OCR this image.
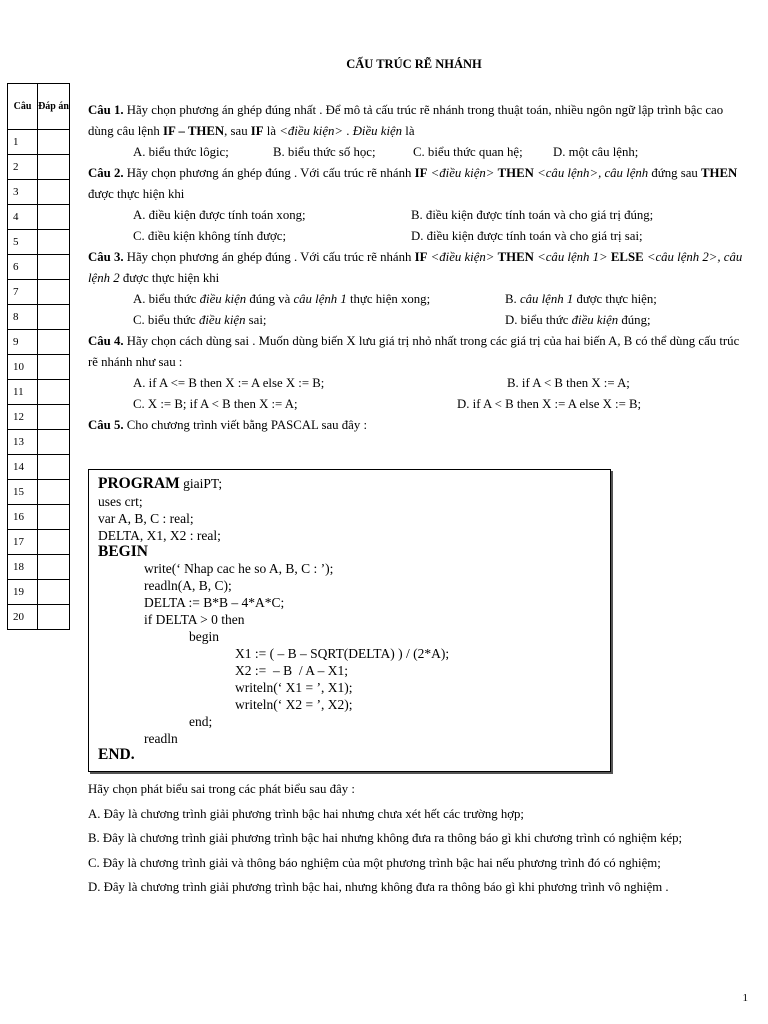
CẤU TRÚC RẼ NHÁNH
Câu	Đáp án
1	
2	
3	
4	
5	
6	
7	
8	
9	
10	
11	
12	
13	
14	
15	
16	
17	
18	
19	
20	

Câu 1. Hãy chọn phương án ghép đúng nhất . Để mô tả cấu trúc rẽ nhánh trong thuật toán, nhiều ngôn ngữ lập trình bậc cao dùng câu lệnh IF – THEN, sau IF là <điều kiện> . Điều kiện là

A. biểu thức lôgic;	B. biểu thức số học;	C. biểu thức quan hệ; D. một câu lệnh;

Câu 2. Hãy chọn phương án ghép đúng . Với cấu trúc rẽ nhánh IF <điều kiện> THEN <câu lệnh>, câu lệnh đứng sau THEN được thực hiện khi

A. điều kiện được tính toán xong;	B. điều kiện được tính toán và cho giá trị đúng;
C. điều kiện không tính được;	D. điều kiện được tính toán và cho giá trị sai;

Câu 3. Hãy chọn phương án ghép đúng . Với cấu trúc rẽ nhánh IF <điều kiện> THEN <câu lệnh 1> ELSE <câu lệnh 2>, câu lệnh 2 được thực hiện khi

A. biểu thức điều kiện đúng và câu lệnh 1 thực hiện xong;	B. câu lệnh 1 được thực hiện;
C. biểu thức điều kiện sai;	D. biểu thức điều kiện đúng;

Câu 4. Hãy chọn cách dùng sai . Muốn dùng biến X lưu giá trị nhỏ nhất trong các giá trị của hai biến A, B có thể dùng cấu trúc rẽ nhánh như sau :

A. if A <= B then X := A else X := B;	B. if A < B then X := A;
C. X := B; if A < B then X := A;	D. if A < B then X := A else X := B;

Câu 5. Cho chương trình viết bằng PASCAL sau đây :

PROGRAM giaiPT;
uses crt;
var A, B, C : real;
DELTA, X1, X2 : real;
BEGIN
write(‘ Nhap cac he so A, B, C : ’);
readln(A, B, C);
DELTA := B*B – 4*A*C;
if DELTA > 0 then
begin
X1 := ( – B – SQRT(DELTA) ) / (2*A);
X2 :=  – B  / A – X1;
writeln(‘ X1 = ’, X1);
writeln(‘ X2 = ’, X2);
end;
readln
END.
Hãy chọn phát biểu sai trong các phát biểu sau đây :
A. Đây là chương trình giải phương trình bậc hai nhưng chưa xét hết các trường hợp;
B. Đây là chương trình giải phương trình bậc hai nhưng không đưa ra thông báo gì khi chương trình có nghiệm kép;
C. Đây là chương trình giải và thông báo nghiệm của một phương trình bậc hai nếu phương trình đó có nghiệm;
D. Đây là chương trình giải phương trình bậc hai, nhưng không đưa ra thông báo gì khi phương trình vô nghiệm .
1
